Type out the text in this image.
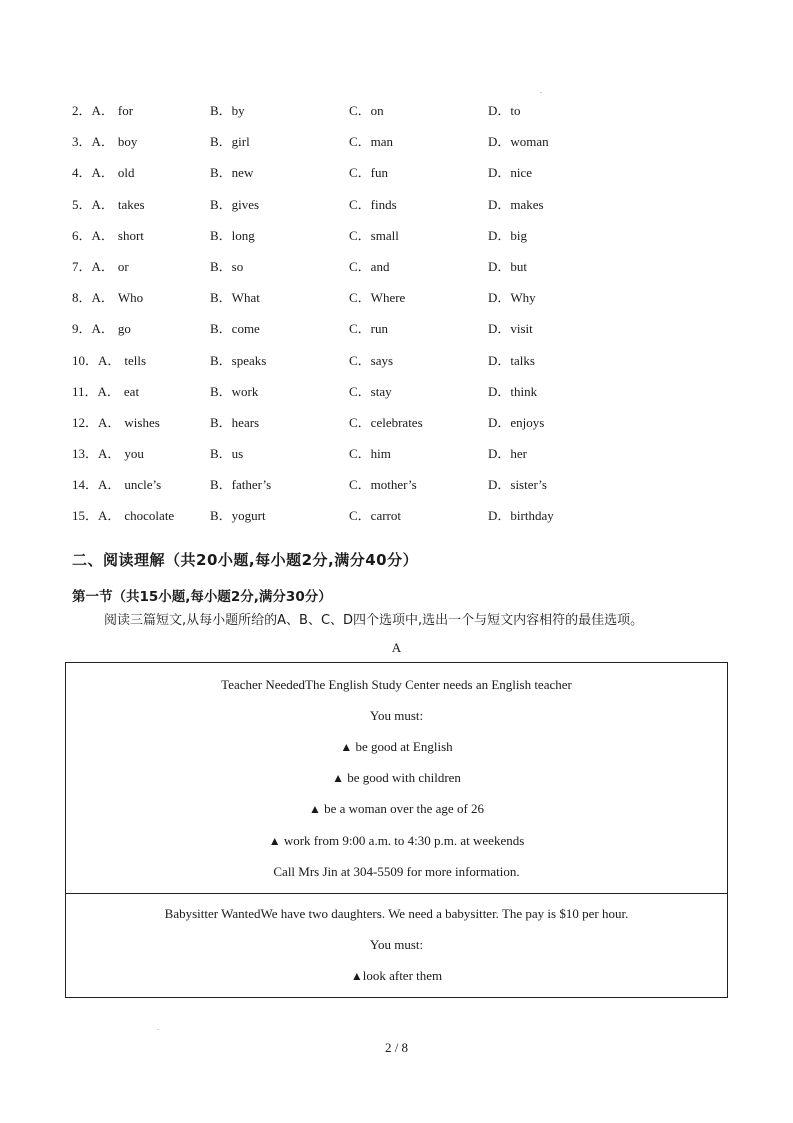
2．A． for	B．by	C．on	D．to
3．A． boy	B．girl	C．man	D．woman
4．A． old	B．new	C．fun	D．nice
5．A． takes	B．gives	C．finds	D．makes
6．A． short	B．long	C．small	D．big
7．A． or	B．so	C．and	D．but
8．A． Who	B．What	C．Where	D．Why
9．A． go	B．come	C．run	D．visit
10．A． tells	B．speaks	C．says	D．talks
11．A． eat	B．work	C．stay	D．think
12．A． wishes	B．hears	C．celebrates	D．enjoys
13．A． you	B．us	C．him	D．her
14．A． uncle’s	B．father’s	C．mother’s	D．sister’s
15．A． chocolate	B．yogurt	C．carrot	D．birthday
二、阅读理解（共20小题,每小题2分,满分40分）
第一节（共15小题,每小题2分,满分30分）
阅读三篇短文,从每小题所给的A、B、C、D四个选项中,选出一个与短文内容相符的最佳选项。
A
Teacher NeededThe English Study Center needs an English teacher
You must:
▲ be good at English
▲ be good with children
▲ be a woman over the age of 26
▲ work from 9:00 a.m. to 4:30 p.m. at weekends
Call Mrs Jin at 304-5509 for more information.
Babysitter WantedWe have two daughters. We need a babysitter. The pay is $10 per hour.
You must:
▲look after them
2 / 8
